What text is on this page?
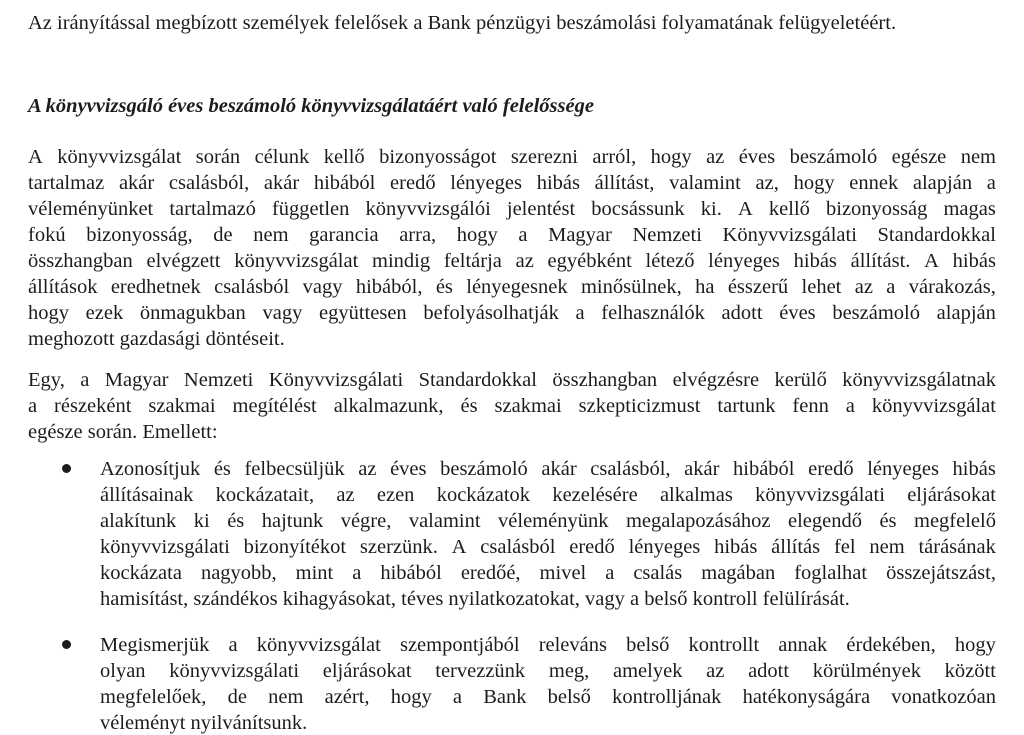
Az irányítással megbízott személyek felelősek a Bank pénzügyi beszámolási folyamatának felügyeletéért.
A könyvvizsgáló éves beszámoló könyvvizsgálatáért való felelőssége
A könyvvizsgálat során célunk kellő bizonyosságot szerezni arról, hogy az éves beszámoló egésze nem
tartalmaz akár csalásból, akár hibából eredő lényeges hibás állítást, valamint az, hogy ennek alapján a
véleményünket tartalmazó független könyvvizsgálói jelentést bocsássunk ki. A kellő bizonyosság magas
fokú bizonyosság, de nem garancia arra, hogy a Magyar Nemzeti Könyvvizsgálati Standardokkal
összhangban elvégzett könyvvizsgálat mindig feltárja az egyébként létező lényeges hibás állítást. A hibás
állítások eredhetnek csalásból vagy hibából, és lényegesnek minősülnek, ha ésszerű lehet az a várakozás,
hogy ezek önmagukban vagy együttesen befolyásolhatják a felhasználók adott éves beszámoló alapján
meghozott gazdasági döntéseit.
Egy, a Magyar Nemzeti Könyvvizsgálati Standardokkal összhangban elvégzésre kerülő könyvvizsgálatnak
a részeként szakmai megítélést alkalmazunk, és szakmai szkepticizmust tartunk fenn a könyvvizsgálat
egésze során. Emellett:
Azonosítjuk és felbecsüljük az éves beszámoló akár csalásból, akár hibából eredő lényeges hibás
állításainak kockázatait, az ezen kockázatok kezelésére alkalmas könyvvizsgálati eljárásokat
alakítunk ki és hajtunk végre, valamint véleményünk megalapozásához elegendő és megfelelő
könyvvizsgálati bizonyítékot szerzünk. A csalásból eredő lényeges hibás állítás fel nem tárásának
kockázata nagyobb, mint a hibából eredőé, mivel a csalás magában foglalhat összejátszást,
hamisítást, szándékos kihagyásokat, téves nyilatkozatokat, vagy a belső kontroll felülírását.
Megismerjük a könyvvizsgálat szempontjából releváns belső kontrollt annak érdekében, hogy
olyan könyvvizsgálati eljárásokat tervezzünk meg, amelyek az adott körülmények között
megfelelőek, de nem azért, hogy a Bank belső kontrolljának hatékonyságára vonatkozóan
véleményt nyilvánítsunk.
